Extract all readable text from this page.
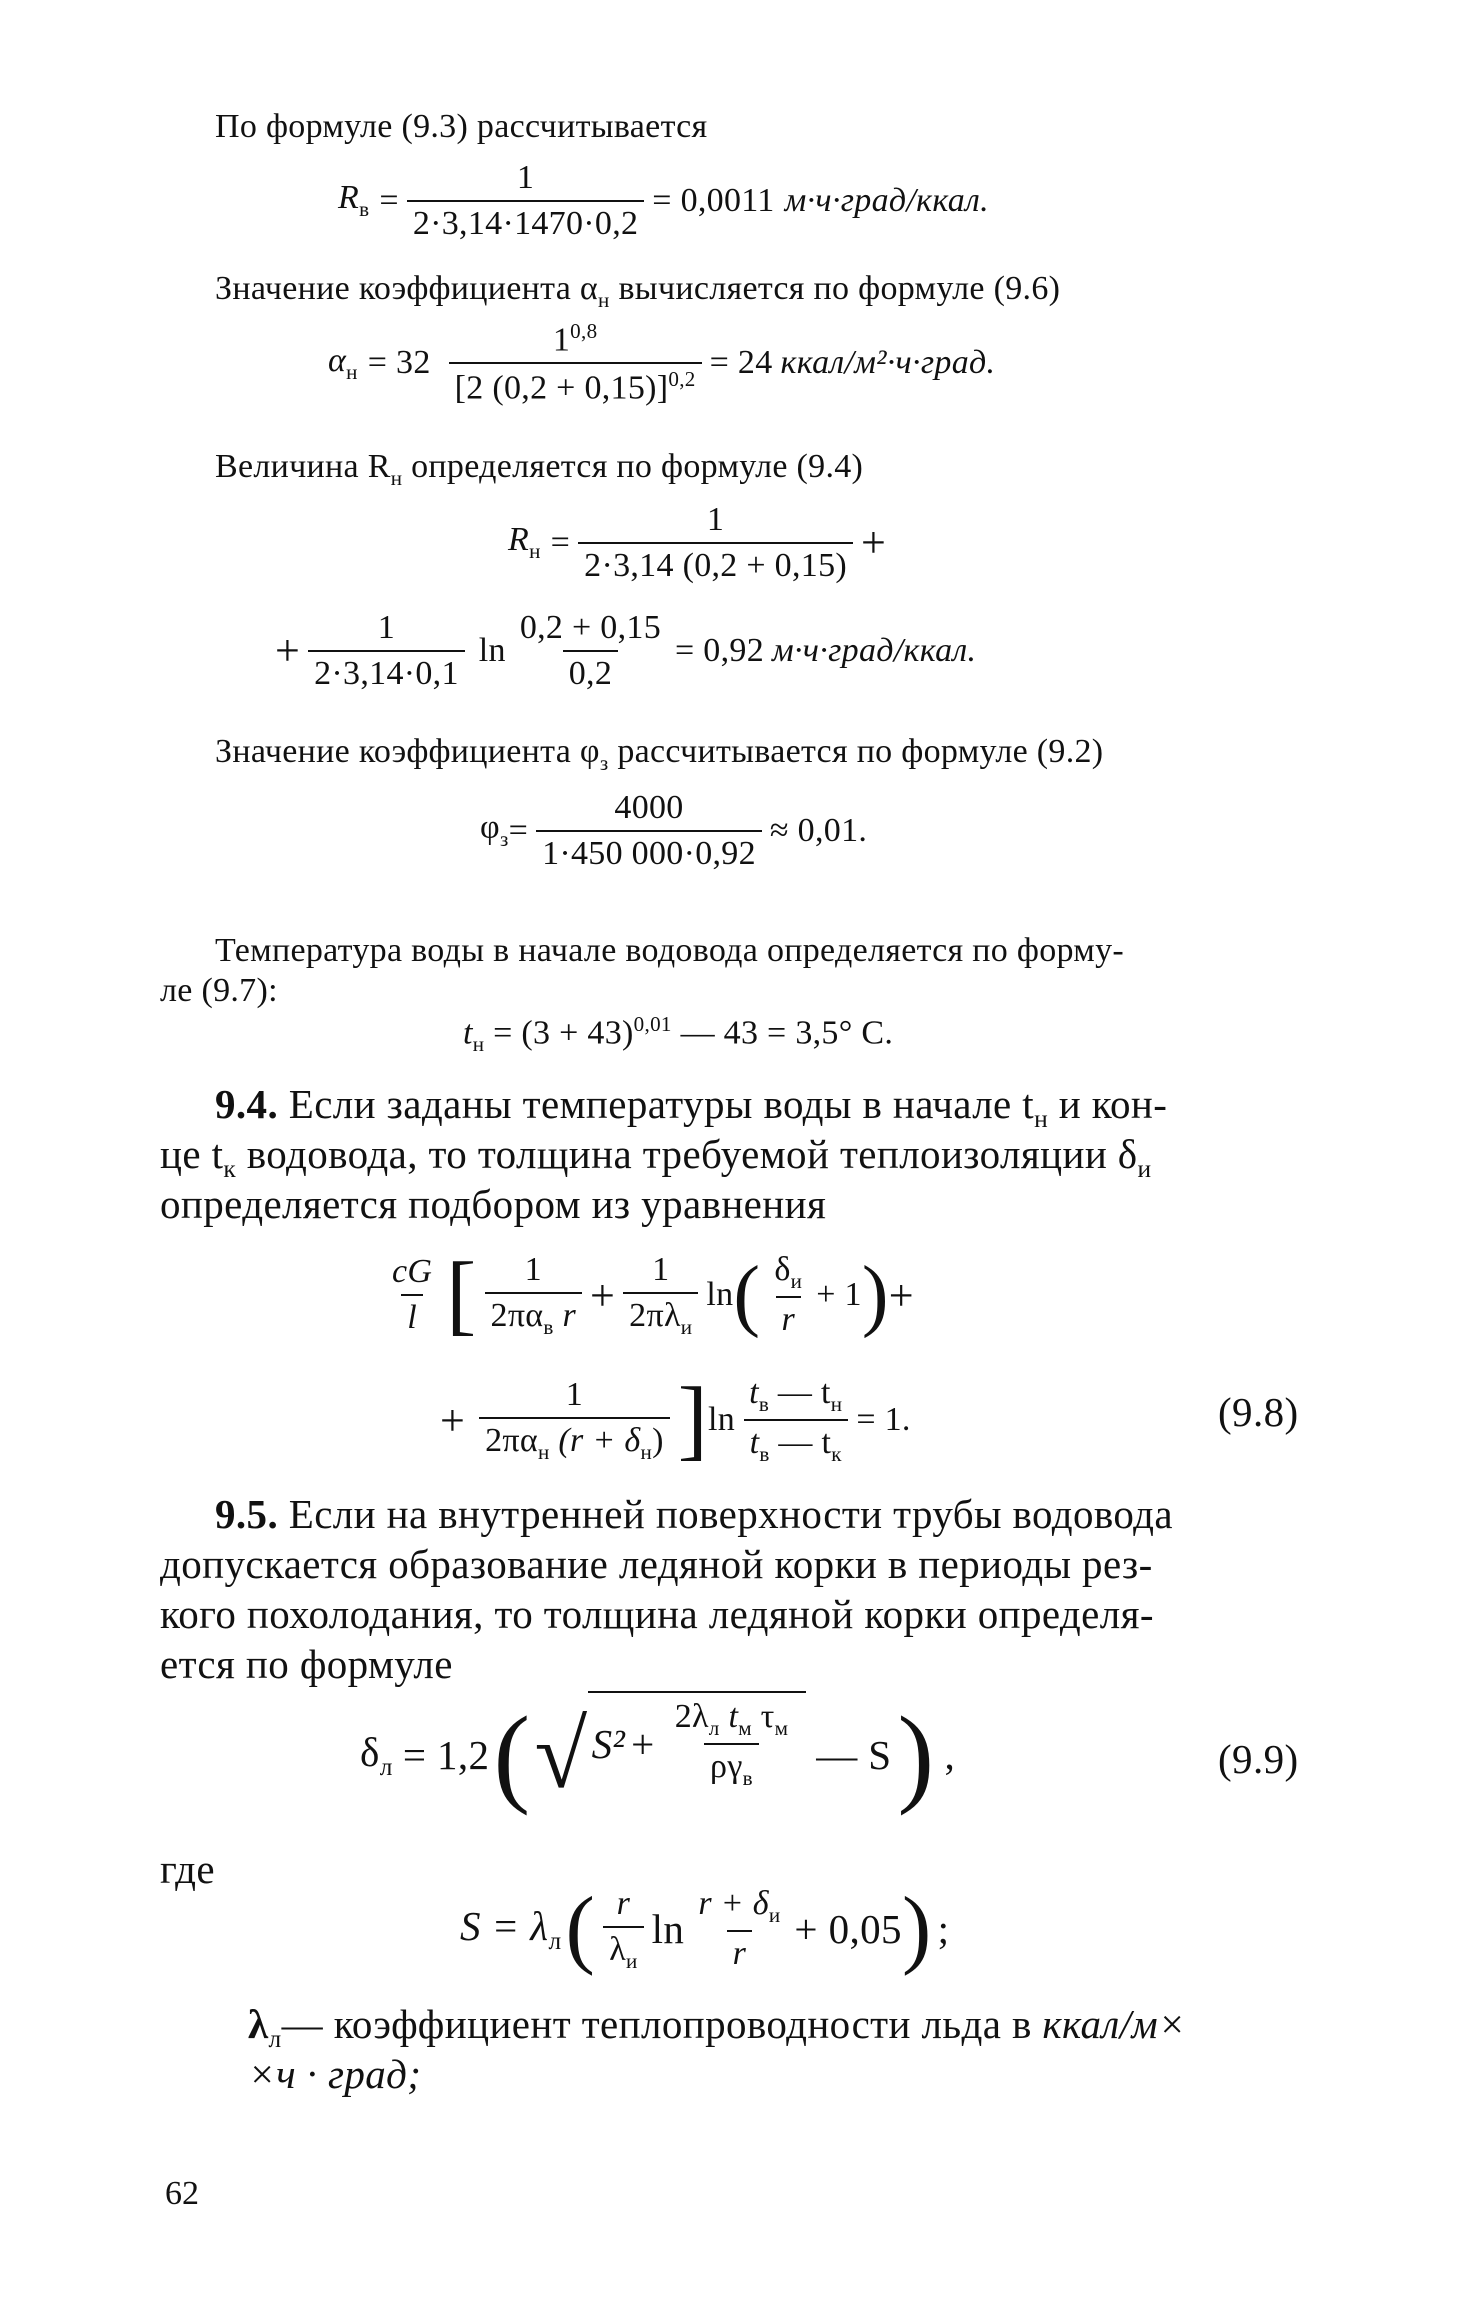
По формуле (9.3) рассчитывается
$R_в = \frac{1}{2\cdot 3,14\cdot 1470\cdot 0,2} = 0,0011$ м·ч·град/ккал.
Значение коэффициента $\alpha_н$ вычисляется по формуле (9.6)
$\alpha_н = 32 \frac{1^{0,8}}{[2 (0,2 + 0,15)]^{0,2}} = 24$ ккал/м²·ч·град.
Величина $R_н$ определяется по формуле (9.4)
$R_н = \frac{1}{2\cdot 3,14 (0,2 + 0,15)}$ +
+ $\frac{1}{2\cdot 3,14\cdot 0,1}$ $\ln \frac{0,2 + 0,15}{0,2} = 0,92$ м·ч·град/ккал.
Значение коэффициента $\varphi_з$ рассчитывается по формуле (9.2)
$\varphi_з = \frac{4000}{1\cdot 450 000\cdot 0,92} \approx 0,01$.
Температура воды в начале водовода определяется по форму-
ле (9.7):
$t_н = (3 + 43)^{0,01}$ — 43 = 3,5° C.
9.4. Если заданы температуры воды в начале $t_н$ и кон-
це $t_к$ водовода, то толщина требуемой теплоизоляции $\delta_и$
определяется подбором из уравнения
$\frac{cG}{l}$ [ $\frac{1}{2\pi\alpha_в r} + \frac{1}{2\pi\lambda_и}$ ln ( $\frac{\delta_и}{r} + 1$ ) +
+ $\frac{1}{2\pi\alpha_н (r + \delta_н)}$ ] $\ln \frac{t_в — t_н}{t_в — t_к} = 1$.	(9.8)
9.5. Если на внутренней поверхности трубы водовода
допускается образование ледяной корки в периоды рез-
кого похолодания, то толщина ледяной корки определя-
ется по формуле
$\delta_л = 1,2$ ( √ $S^2 + \frac{2\lambda_л t_м \tau_м}{\rho\gamma_в}$ — S ) ,	(9.9)
где
$S = \lambda_л$ ( $\frac{r}{\lambda_и}$ $\ln \frac{r + \delta_и}{r} + 0,05$ ) ;
$\lambda_л—$ коэффициент теплопроводности льда в ккал/м×
×ч · град;
62
